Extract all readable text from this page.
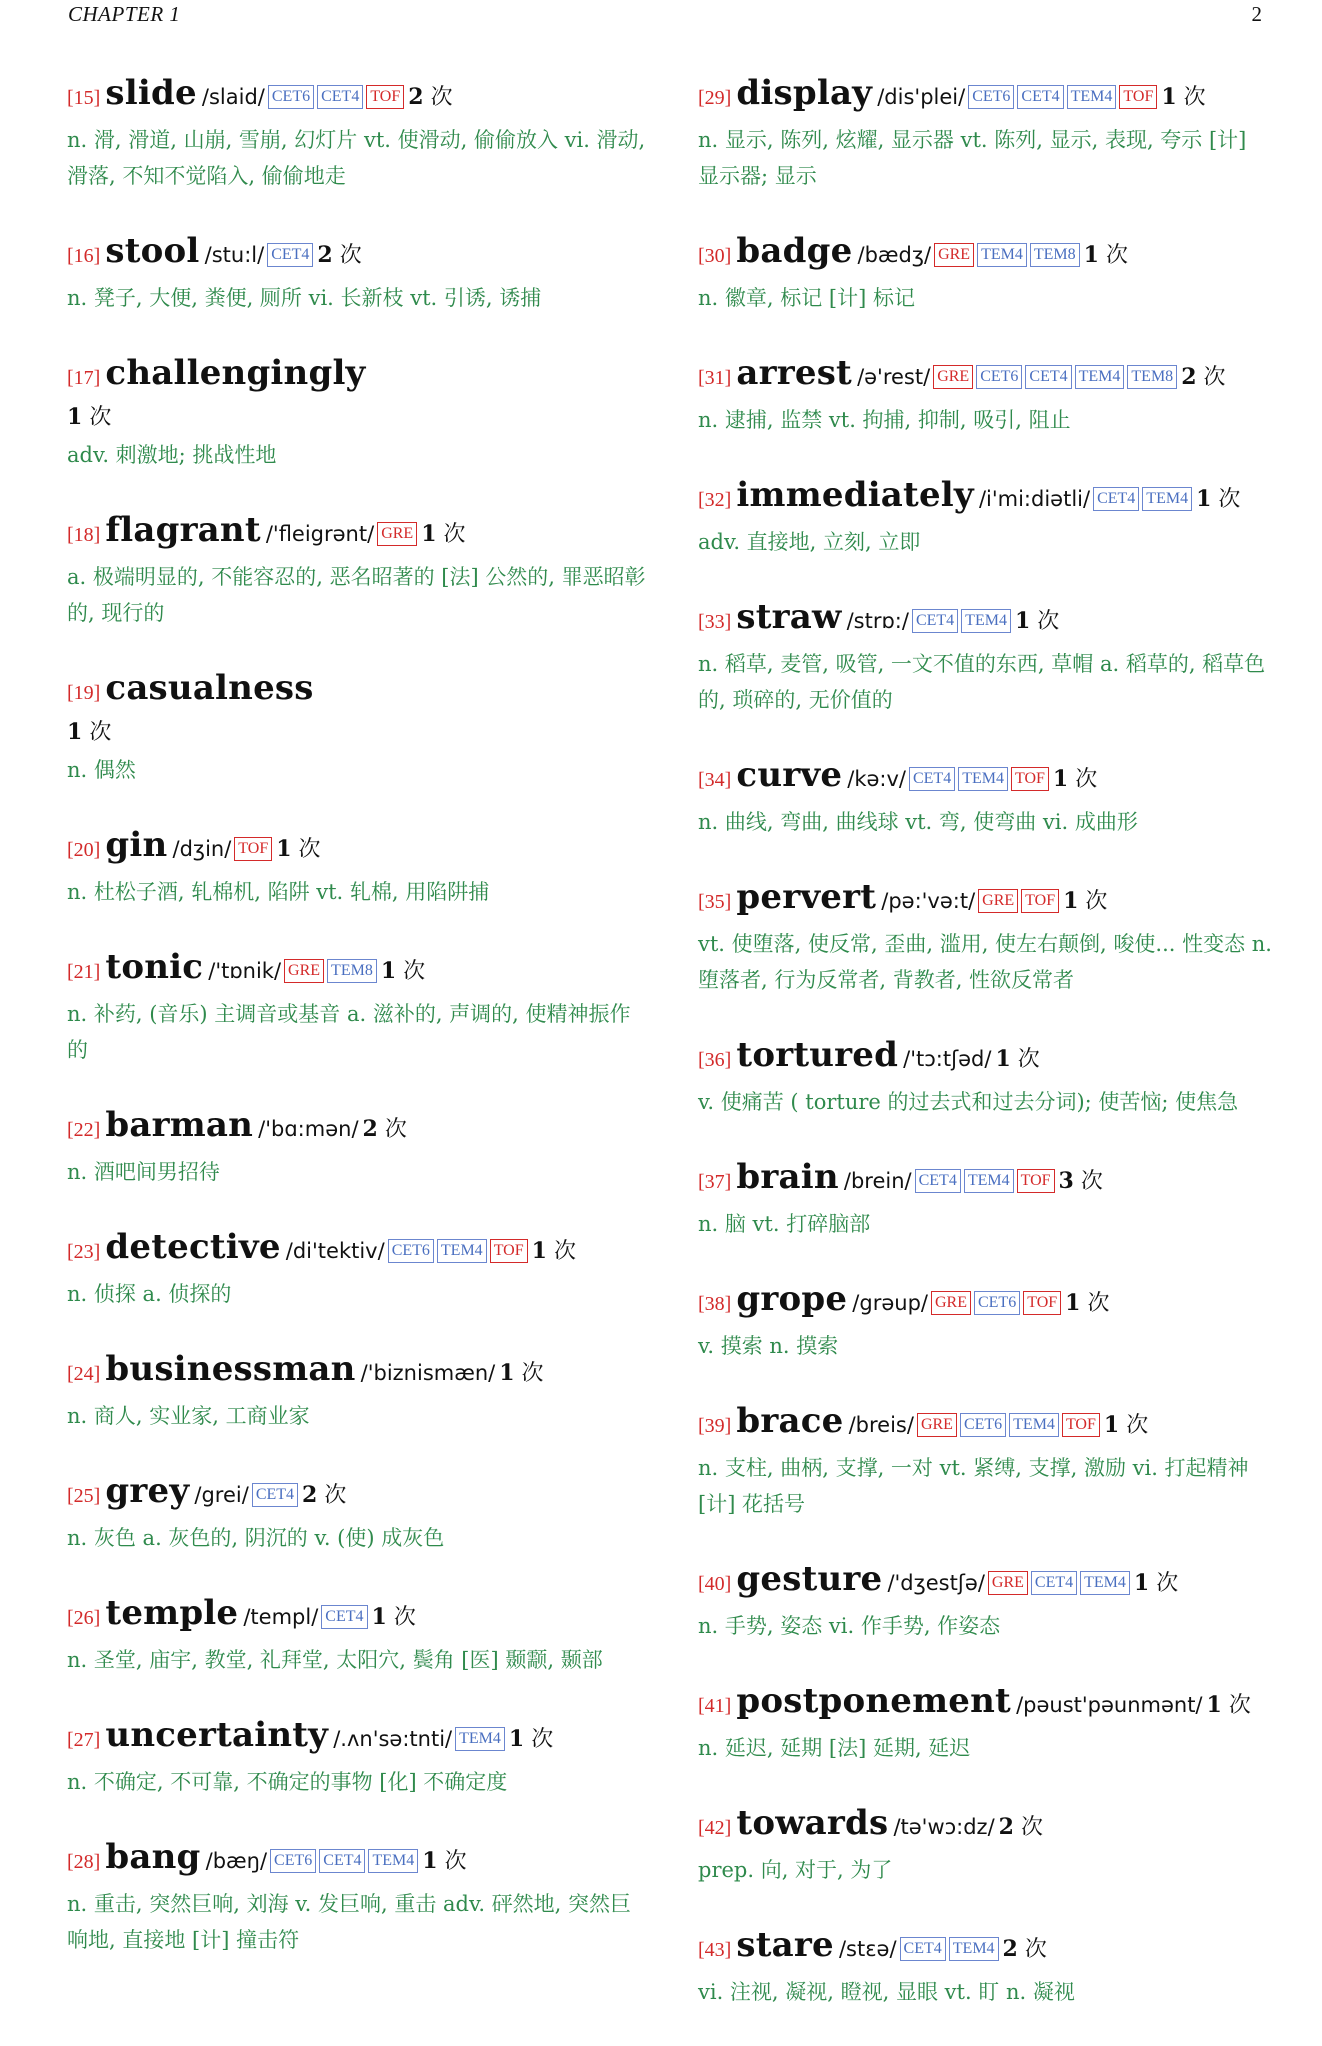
CHAPTER 1	2
[15] slide /slaid/ CET6 CET4 TOF 2 次
n. 滑, 滑道, 山崩, 雪崩, 幻灯片 vt. 使滑动, 偷偷放入 vi. 滑动, 滑落, 不知不觉陷入, 偷偷地走
[16] stool /stu:l/ CET4 2 次
n. 凳子, 大便, 粪便, 厕所 vi. 长新枝 vt. 引诱, 诱捕
[17] challengingly
1 次
adv. 刺激地; 挑战性地
[18] flagrant /'fleigrənt/ GRE 1 次
a. 极端明显的, 不能容忍的, 恶名昭著的 [法] 公然的, 罪恶昭彰的, 现行的
[19] casualness
1 次
n. 偶然
[20] gin /dʒin/ TOF 1 次
n. 杜松子酒, 轧棉机, 陷阱 vt. 轧棉, 用陷阱捕
[21] tonic /'tɒnik/ GRE TEM8 1 次
n. 补药, (音乐) 主调音或基音 a. 滋补的, 声调的, 使精神振作的
[22] barman /'bɑ:mən/ 2 次
n. 酒吧间男招待
[23] detective /di'tektiv/ CET6 TEM4 TOF 1 次
n. 侦探 a. 侦探的
[24] businessman /'biznismæn/ 1 次
n. 商人, 实业家, 工商业家
[25] grey /grei/ CET4 2 次
n. 灰色 a. 灰色的, 阴沉的 v. (使) 成灰色
[26] temple /templ/ CET4 1 次
n. 圣堂, 庙宇, 教堂, 礼拜堂, 太阳穴, 鬓角 [医] 颞颥, 颞部
[27] uncertainty /.ʌn'sə:tnti/ TEM4 1 次
n. 不确定, 不可靠, 不确定的事物 [化] 不确定度
[28] bang /bæŋ/ CET6 CET4 TEM4 1 次
n. 重击, 突然巨响, 刘海 v. 发巨响, 重击 adv. 砰然地, 突然巨响地, 直接地 [计] 撞击符
[29] display /dis'plei/ CET6 CET4 TEM4 TOF 1 次
n. 显示, 陈列, 炫耀, 显示器 vt. 陈列, 显示, 表现, 夸示 [计] 显示器; 显示
[30] badge /bædʒ/ GRE TEM4 TEM8 1 次
n. 徽章, 标记 [计] 标记
[31] arrest /ə'rest/ GRE CET6 CET4 TEM4 TEM8 2 次
n. 逮捕, 监禁 vt. 拘捕, 抑制, 吸引, 阻止
[32] immediately /i'mi:diətli/ CET4 TEM4 1 次
adv. 直接地, 立刻, 立即
[33] straw /strɒ:/ CET4 TEM4 1 次
n. 稻草, 麦管, 吸管, 一文不值的东西, 草帽 a. 稻草的, 稻草色的, 琐碎的, 无价值的
[34] curve /kə:v/ CET4 TEM4 TOF 1 次
n. 曲线, 弯曲, 曲线球 vt. 弯, 使弯曲 vi. 成曲形
[35] pervert /pə:'və:t/ GRE TOF 1 次
vt. 使堕落, 使反常, 歪曲, 滥用, 使左右颠倒, 唆使... 性变态 n. 堕落者, 行为反常者, 背教者, 性欲反常者
[36] tortured /'tɔ:tʃəd/ 1 次
v. 使痛苦 ( torture 的过去式和过去分词); 使苦恼; 使焦急
[37] brain /brein/ CET4 TEM4 TOF 3 次
n. 脑 vt. 打碎脑部
[38] grope /grəup/ GRE CET6 TOF 1 次
v. 摸索 n. 摸索
[39] brace /breis/ GRE CET6 TEM4 TOF 1 次
n. 支柱, 曲柄, 支撑, 一对 vt. 紧缚, 支撑, 激励 vi. 打起精神 [计] 花括号
[40] gesture /'dʒestʃə/ GRE CET4 TEM4 1 次
n. 手势, 姿态 vi. 作手势, 作姿态
[41] postponement /pəust'pəunmənt/ 1 次
n. 延迟, 延期 [法] 延期, 延迟
[42] towards /tə'wɔ:dz/ 2 次
prep. 向, 对于, 为了
[43] stare /stɛə/ CET4 TEM4 2 次
vi. 注视, 凝视, 瞪视, 显眼 vt. 盯 n. 凝视
